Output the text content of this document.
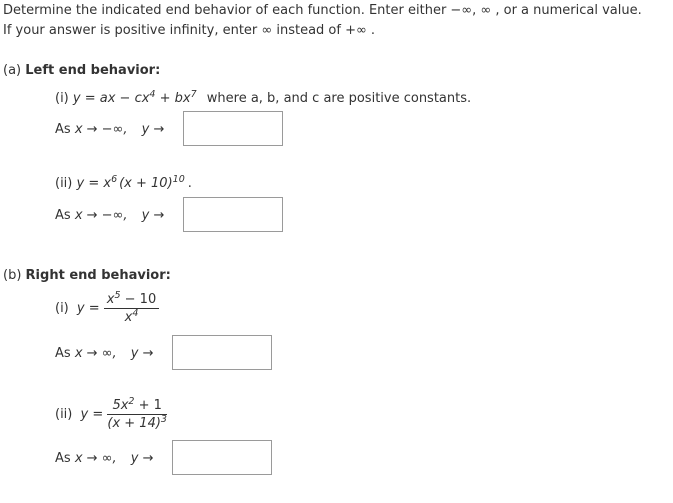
Determine the indicated end behavior of each function. Enter either −∞, ∞ , or a numerical value.
If your answer is positive infinity, enter ∞ instead of +∞ .
(a) Left end behavior:
(i) y = ax − $cx^4 + bx^7$ where a, b, and c are positive constants.
As x → −∞, y →
(ii) $y = x^6$ $(x + 10)^{10}$ .
As x → −∞, y →
(b) Right end behavior:
(i) $y = \frac{x^5 - 10}{x^4}$
As x → ∞, y →
(ii) $y = \frac{5x^2 + 1}{(x + 14)^3}$
As x → ∞, y →
